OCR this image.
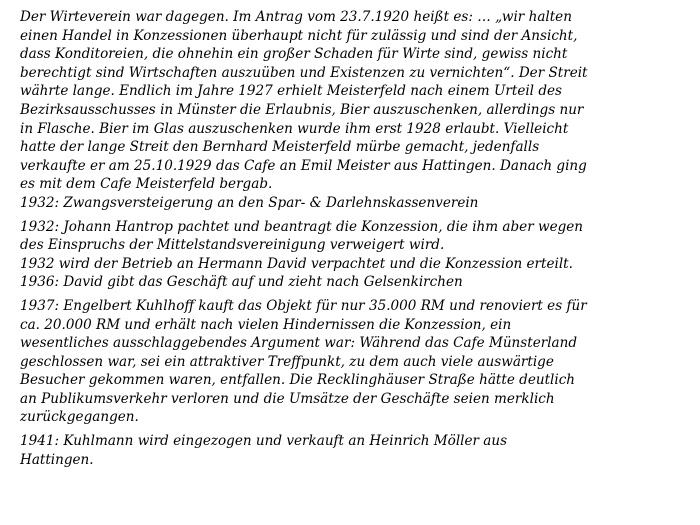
Der Wirteverein war dagegen. Im Antrag vom 23.7.1920 heißt es: … „wir halten
einen Handel in Konzessionen überhaupt nicht für zulässig und sind der Ansicht,
dass Konditoreien, die ohnehin ein großer Schaden für Wirte sind, gewiss nicht
berechtigt sind Wirtschaften auszuüben und Existenzen zu vernichten“. Der Streit
währte lange. Endlich im Jahre 1927 erhielt Meisterfeld nach einem Urteil des
Bezirksausschusses in Münster die Erlaubnis, Bier auszuschenken, allerdings nur
in Flasche. Bier im Glas auszuschenken wurde ihm erst 1928 erlaubt. Vielleicht
hatte der lange Streit den Bernhard Meisterfeld mürbe gemacht, jedenfalls
verkaufte er am 25.10.1929 das Cafe an Emil Meister aus Hattingen. Danach ging
es mit dem Cafe Meisterfeld bergab.
1932: Zwangsversteigerung an den Spar- & Darlehnskassenverein
1932: Johann Hantrop pachtet und beantragt die Konzession, die ihm aber wegen
des Einspruchs der Mittelstandsvereinigung verweigert wird.
1932 wird der Betrieb an Hermann David verpachtet und die Konzession erteilt.
1936: David gibt das Geschäft auf und zieht nach Gelsenkirchen
1937: Engelbert Kuhlhoff kauft das Objekt für nur 35.000 RM und renoviert es für
ca. 20.000 RM und erhält nach vielen Hindernissen die Konzession, ein
wesentliches ausschlaggebendes Argument war: Während das Cafe Münsterland
geschlossen war, sei ein attraktiver Treffpunkt, zu dem auch viele auswärtige
Besucher gekommen waren, entfallen. Die Recklinghäuser Straße hätte deutlich
an Publikumsverkehr verloren und die Umsätze der Geschäfte seien merklich
zurückgegangen.
1941: Kuhlmann wird eingezogen und verkauft an Heinrich Möller aus
Hattingen.
